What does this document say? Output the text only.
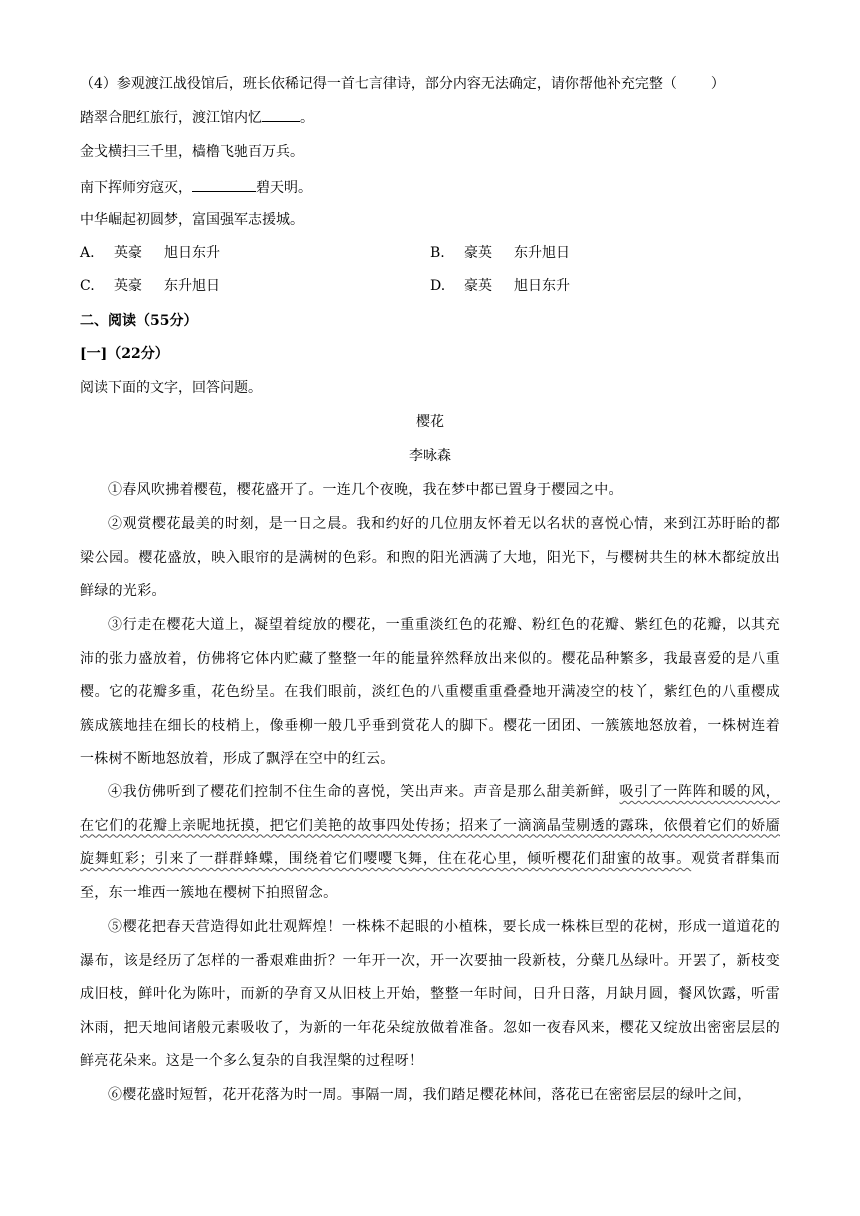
（4）参观渡江战役馆后，班长依稀记得一首七言律诗，部分内容无法确定，请你帮他补充完整（ ）
踏翠合肥红旅行，渡江馆内忆	。
金戈横扫三千里，樯橹飞驰百万兵。
南下挥师穷寇灭，	碧天明。
中华崛起初圆梦，富国强军志援城。
A. 英豪 旭日东升	B. 豪英 东升旭日
C. 英豪 东升旭日	D. 豪英 旭日东升
二、阅读（55分）
[一]（22分）
阅读下面的文字，回答问题。
樱花
李咏森
①春风吹拂着樱苞，樱花盛开了。一连几个夜晚，我在梦中都已置身于樱园之中。
②观赏樱花最美的时刻，是一日之晨。我和约好的几位朋友怀着无以名状的喜悦心情，来到江苏盱眙的都梁公园。樱花盛放，映入眼帘的是满树的色彩。和煦的阳光洒满了大地，阳光下，与樱树共生的林木都绽放出鲜绿的光彩。
③行走在樱花大道上，凝望着绽放的樱花，一重重淡红色的花瓣、粉红色的花瓣、紫红色的花瓣，以其充沛的张力盛放着，仿佛将它体内贮藏了整整一年的能量猝然释放出来似的。樱花品种繁多，我最喜爱的是八重樱。它的花瓣多重，花色纷呈。在我们眼前，淡红色的八重樱重重叠叠地开满凌空的枝丫，紫红色的八重樱成簇成簇地挂在细长的枝梢上，像垂柳一般几乎垂到赏花人的脚下。樱花一团团、一簇簇地怒放着，一株树连着一株树不断地怒放着，形成了飘浮在空中的红云。
④我仿佛听到了樱花们控制不住生命的喜悦，笑出声来。声音是那么甜美新鲜，吸引了一阵阵和暖的风，在它们的花瓣上亲昵地抚摸，把它们美艳的故事四处传扬；招来了一滴滴晶莹剔透的露珠，依偎着它们的娇靥旋舞虹彩；引来了一群群蜂蝶，围绕着它们嘤嘤飞舞，住在花心里，倾听樱花们甜蜜的故事。观赏者群集而至，东一堆西一簇地在樱树下拍照留念。
⑤樱花把春天营造得如此壮观辉煌！一株株不起眼的小植株，要长成一株株巨型的花树，形成一道道花的瀑布，该是经历了怎样的一番艰难曲折？一年开一次，开一次要抽一段新枝，分蘖几丛绿叶。开罢了，新枝变成旧枝，鲜叶化为陈叶，而新的孕育又从旧枝上开始，整整一年时间，日升日落，月缺月圆，餐风饮露，听雷沐雨，把天地间诸般元素吸收了，为新的一年花朵绽放做着准备。忽如一夜春风来，樱花又绽放出密密层层的鲜亮花朵来。这是一个多么复杂的自我涅槃的过程呀！
⑥樱花盛时短暂，花开花落为时一周。事隔一周，我们踏足樱花林间，落花已在密密层层的绿叶之间，
